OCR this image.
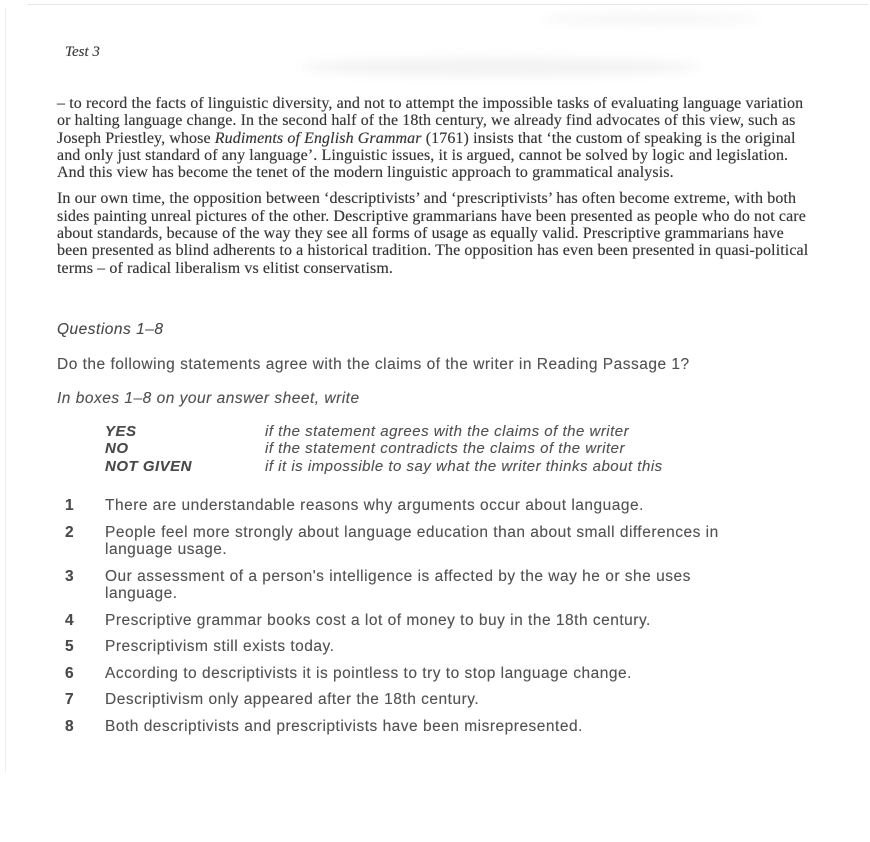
Test 3

– to record the facts of linguistic diversity, and not to attempt the impossible tasks of evaluating language variation or halting language change. In the second half of the 18th century, we already find advocates of this view, such as Joseph Priestley, whose Rudiments of English Grammar (1761) insists that ‘the custom of speaking is the original and only just standard of any language’. Linguistic issues, it is argued, cannot be solved by logic and legislation. And this view has become the tenet of the modern linguistic approach to grammatical analysis.

In our own time, the opposition between ‘descriptivists’ and ‘prescriptivists’ has often become extreme, with both sides painting unreal pictures of the other. Descriptive grammarians have been presented as people who do not care about standards, because of the way they see all forms of usage as equally valid. Prescriptive grammarians have been presented as blind adherents to a historical tradition. The opposition has even been presented in quasi-political terms – of radical liberalism vs elitist conservatism.

Questions 1–8
Do the following statements agree with the claims of the writer in Reading Passage 1?
In boxes 1–8 on your answer sheet, write
YES	if the statement agrees with the claims of the writer
NO	if the statement contradicts the claims of the writer
NOT GIVEN	if it is impossible to say what the writer thinks about this
1	There are understandable reasons why arguments occur about language.
2	People feel more strongly about language education than about small differences in language usage.
3	Our assessment of a person's intelligence is affected by the way he or she uses language.
4	Prescriptive grammar books cost a lot of money to buy in the 18th century.
5	Prescriptivism still exists today.
6	According to descriptivists it is pointless to try to stop language change.
7	Descriptivism only appeared after the 18th century.
8	Both descriptivists and prescriptivists have been misrepresented.
